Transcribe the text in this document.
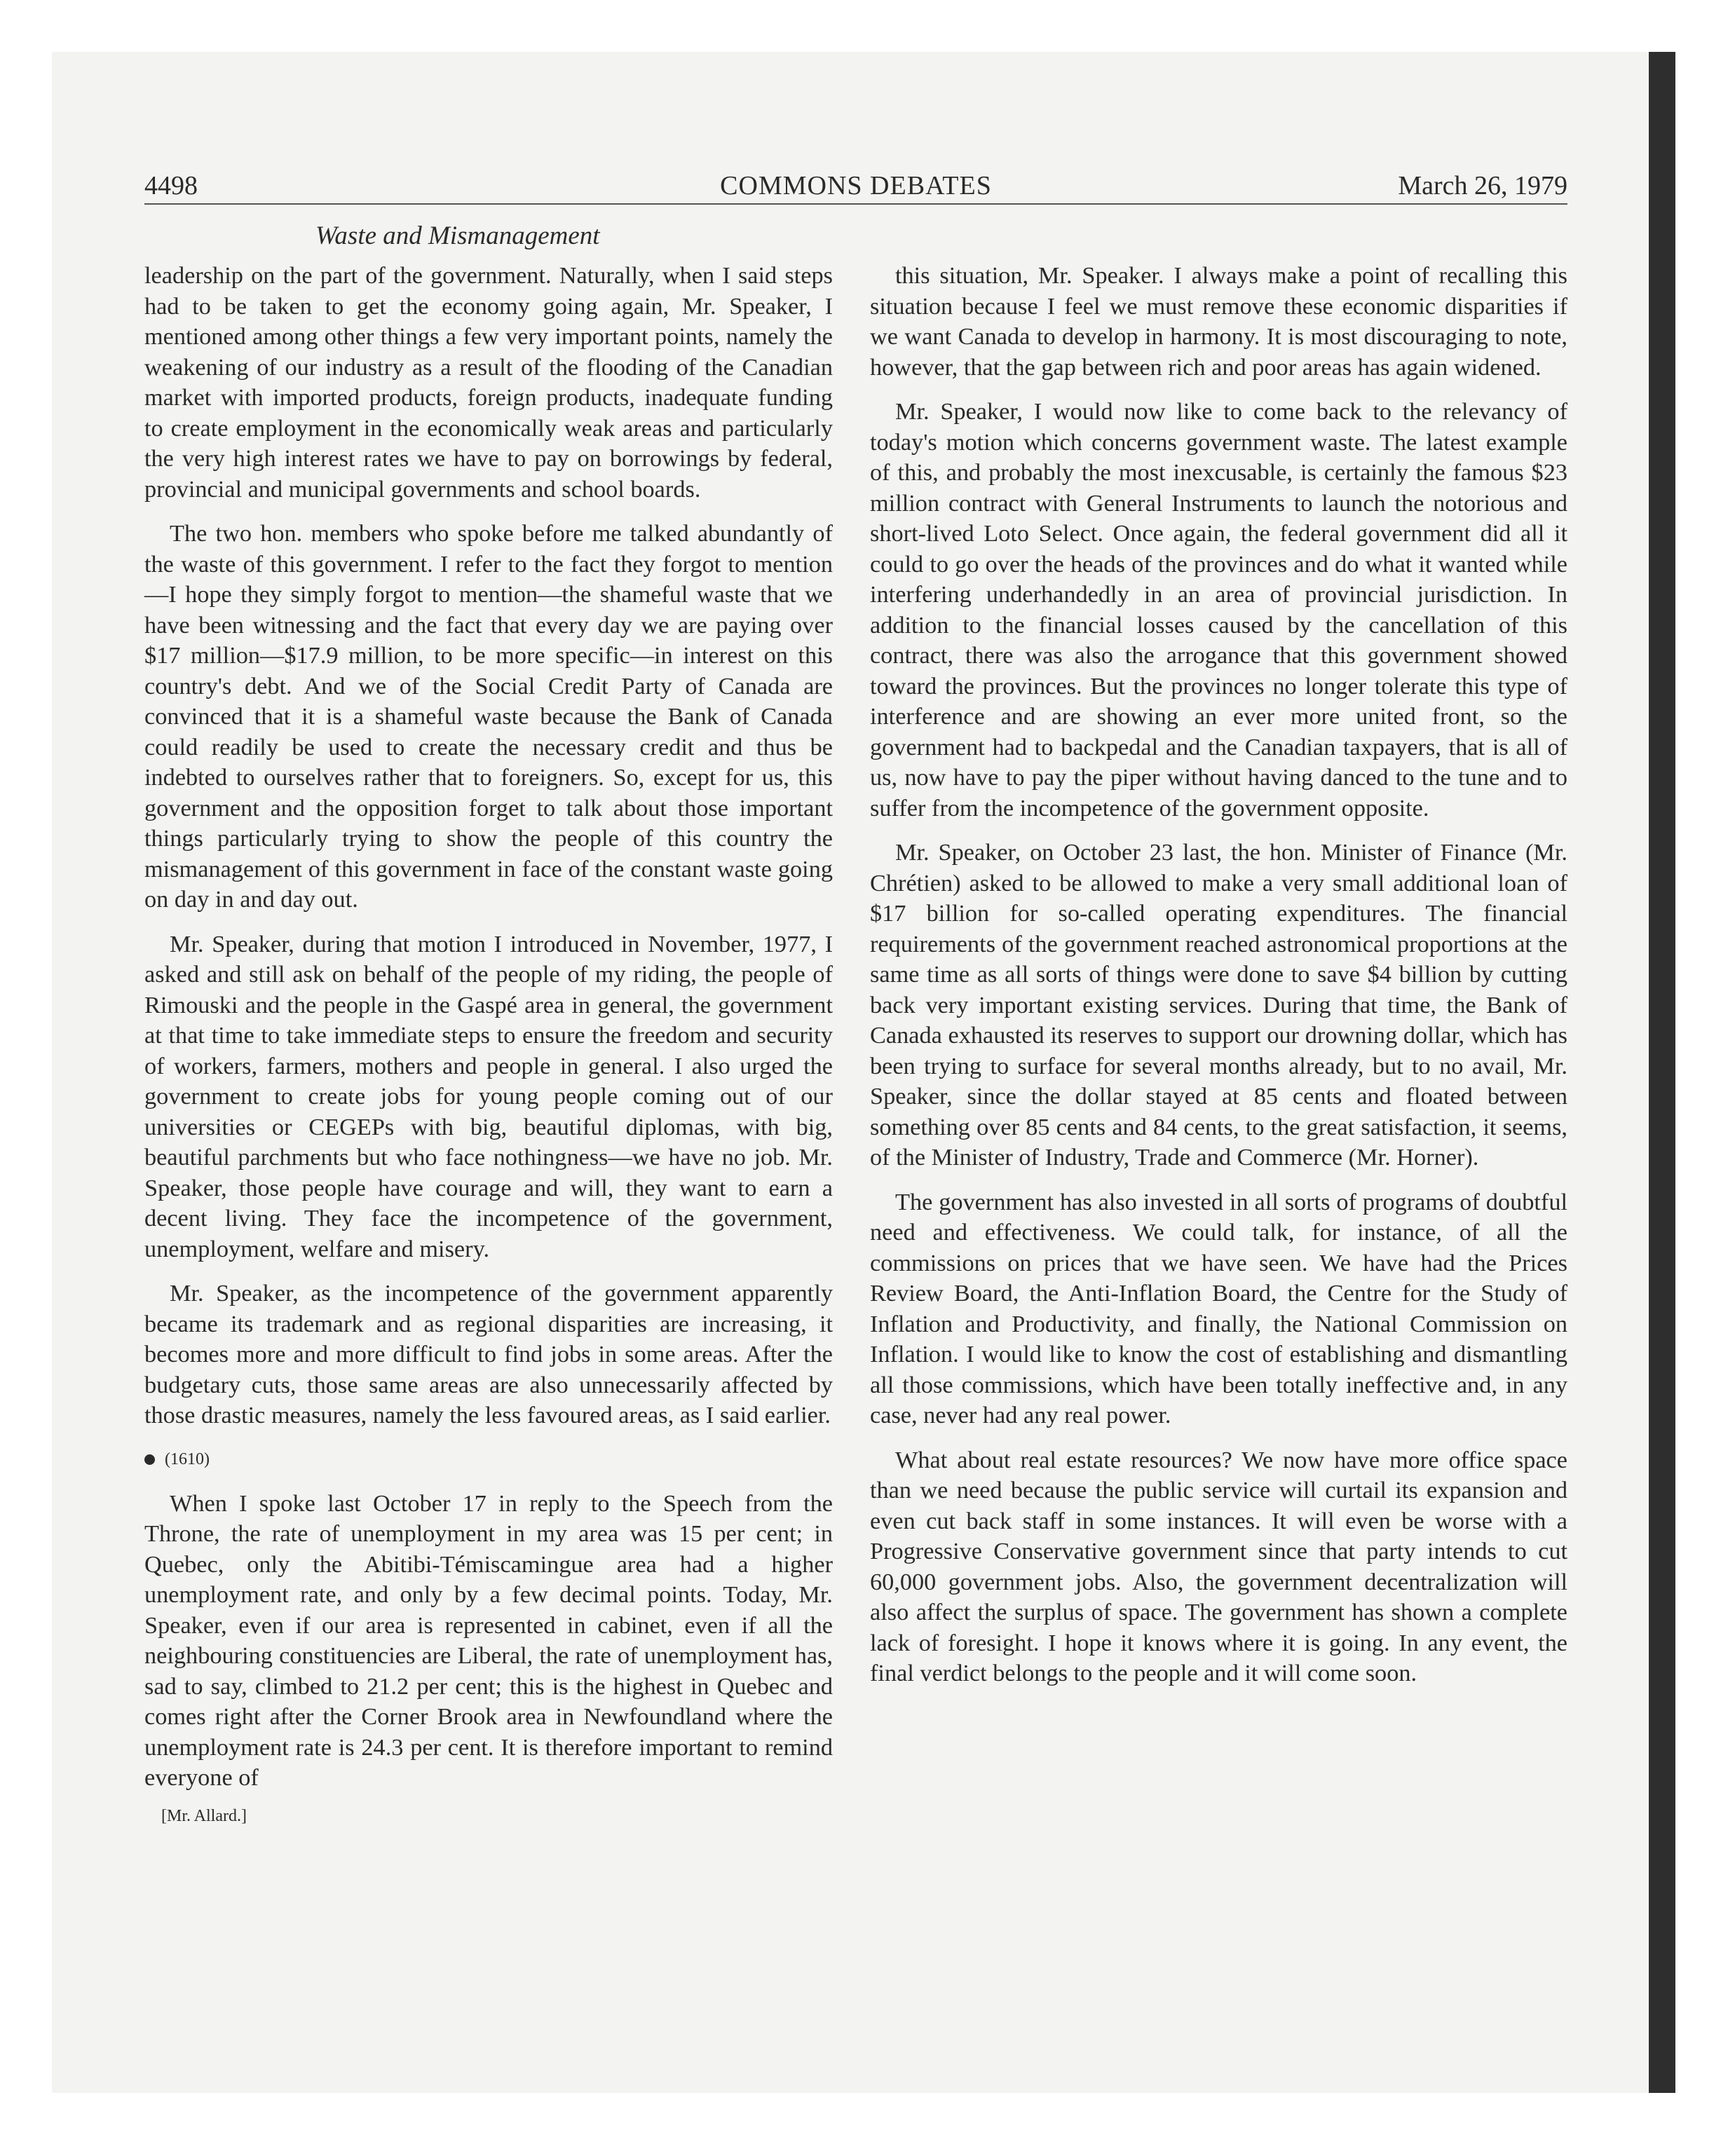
4498	COMMONS DEBATES	March 26, 1979
Waste and Mismanagement

leadership on the part of the government. Naturally, when I said steps had to be taken to get the economy going again, Mr. Speaker, I mentioned among other things a few very important points, namely the weakening of our industry as a result of the flooding of the Canadian market with imported products, foreign products, inadequate funding to create employment in the economically weak areas and particularly the very high interest rates we have to pay on borrowings by federal, provincial and municipal governments and school boards.

The two hon. members who spoke before me talked abundantly of the waste of this government. I refer to the fact they forgot to mention—I hope they simply forgot to mention—the shameful waste that we have been witnessing and the fact that every day we are paying over $17 million—$17.9 million, to be more specific—in interest on this country's debt. And we of the Social Credit Party of Canada are convinced that it is a shameful waste because the Bank of Canada could readily be used to create the necessary credit and thus be indebted to ourselves rather that to foreigners. So, except for us, this government and the opposition forget to talk about those important things particularly trying to show the people of this country the mismanagement of this government in face of the constant waste going on day in and day out.

Mr. Speaker, during that motion I introduced in November, 1977, I asked and still ask on behalf of the people of my riding, the people of Rimouski and the people in the Gaspé area in general, the government at that time to take immediate steps to ensure the freedom and security of workers, farmers, mothers and people in general. I also urged the government to create jobs for young people coming out of our universities or CEGEPs with big, beautiful diplomas, with big, beautiful parchments but who face nothingness—we have no job. Mr. Speaker, those people have courage and will, they want to earn a decent living. They face the incompetence of the government, unemployment, welfare and misery.

Mr. Speaker, as the incompetence of the government apparently became its trademark and as regional disparities are increasing, it becomes more and more difficult to find jobs in some areas. After the budgetary cuts, those same areas are also unnecessarily affected by those drastic measures, namely the less favoured areas, as I said earlier.

(1610)

When I spoke last October 17 in reply to the Speech from the Throne, the rate of unemployment in my area was 15 per cent; in Quebec, only the Abitibi-Témiscamingue area had a higher unemployment rate, and only by a few decimal points. Today, Mr. Speaker, even if our area is represented in cabinet, even if all the neighbouring constituencies are Liberal, the rate of unemployment has, sad to say, climbed to 21.2 per cent; this is the highest in Quebec and comes right after the Corner Brook area in Newfoundland where the unemployment rate is 24.3 per cent. It is therefore important to remind everyone of

[Mr. Allard.]

this situation, Mr. Speaker. I always make a point of recalling this situation because I feel we must remove these economic disparities if we want Canada to develop in harmony. It is most discouraging to note, however, that the gap between rich and poor areas has again widened.

Mr. Speaker, I would now like to come back to the relevancy of today's motion which concerns government waste. The latest example of this, and probably the most inexcusable, is certainly the famous $23 million contract with General Instruments to launch the notorious and short-lived Loto Select. Once again, the federal government did all it could to go over the heads of the provinces and do what it wanted while interfering underhandedly in an area of provincial jurisdiction. In addition to the financial losses caused by the cancellation of this contract, there was also the arrogance that this government showed toward the provinces. But the provinces no longer tolerate this type of interference and are showing an ever more united front, so the government had to backpedal and the Canadian taxpayers, that is all of us, now have to pay the piper without having danced to the tune and to suffer from the incompetence of the government opposite.

Mr. Speaker, on October 23 last, the hon. Minister of Finance (Mr. Chrétien) asked to be allowed to make a very small additional loan of $17 billion for so-called operating expenditures. The financial requirements of the government reached astronomical proportions at the same time as all sorts of things were done to save $4 billion by cutting back very important existing services. During that time, the Bank of Canada exhausted its reserves to support our drowning dollar, which has been trying to surface for several months already, but to no avail, Mr. Speaker, since the dollar stayed at 85 cents and floated between something over 85 cents and 84 cents, to the great satisfaction, it seems, of the Minister of Industry, Trade and Commerce (Mr. Horner).

The government has also invested in all sorts of programs of doubtful need and effectiveness. We could talk, for instance, of all the commissions on prices that we have seen. We have had the Prices Review Board, the Anti-Inflation Board, the Centre for the Study of Inflation and Productivity, and finally, the National Commission on Inflation. I would like to know the cost of establishing and dismantling all those commissions, which have been totally ineffective and, in any case, never had any real power.

What about real estate resources? We now have more office space than we need because the public service will curtail its expansion and even cut back staff in some instances. It will even be worse with a Progressive Conservative government since that party intends to cut 60,000 government jobs. Also, the government decentralization will also affect the surplus of space. The government has shown a complete lack of foresight. I hope it knows where it is going. In any event, the final verdict belongs to the people and it will come soon.
